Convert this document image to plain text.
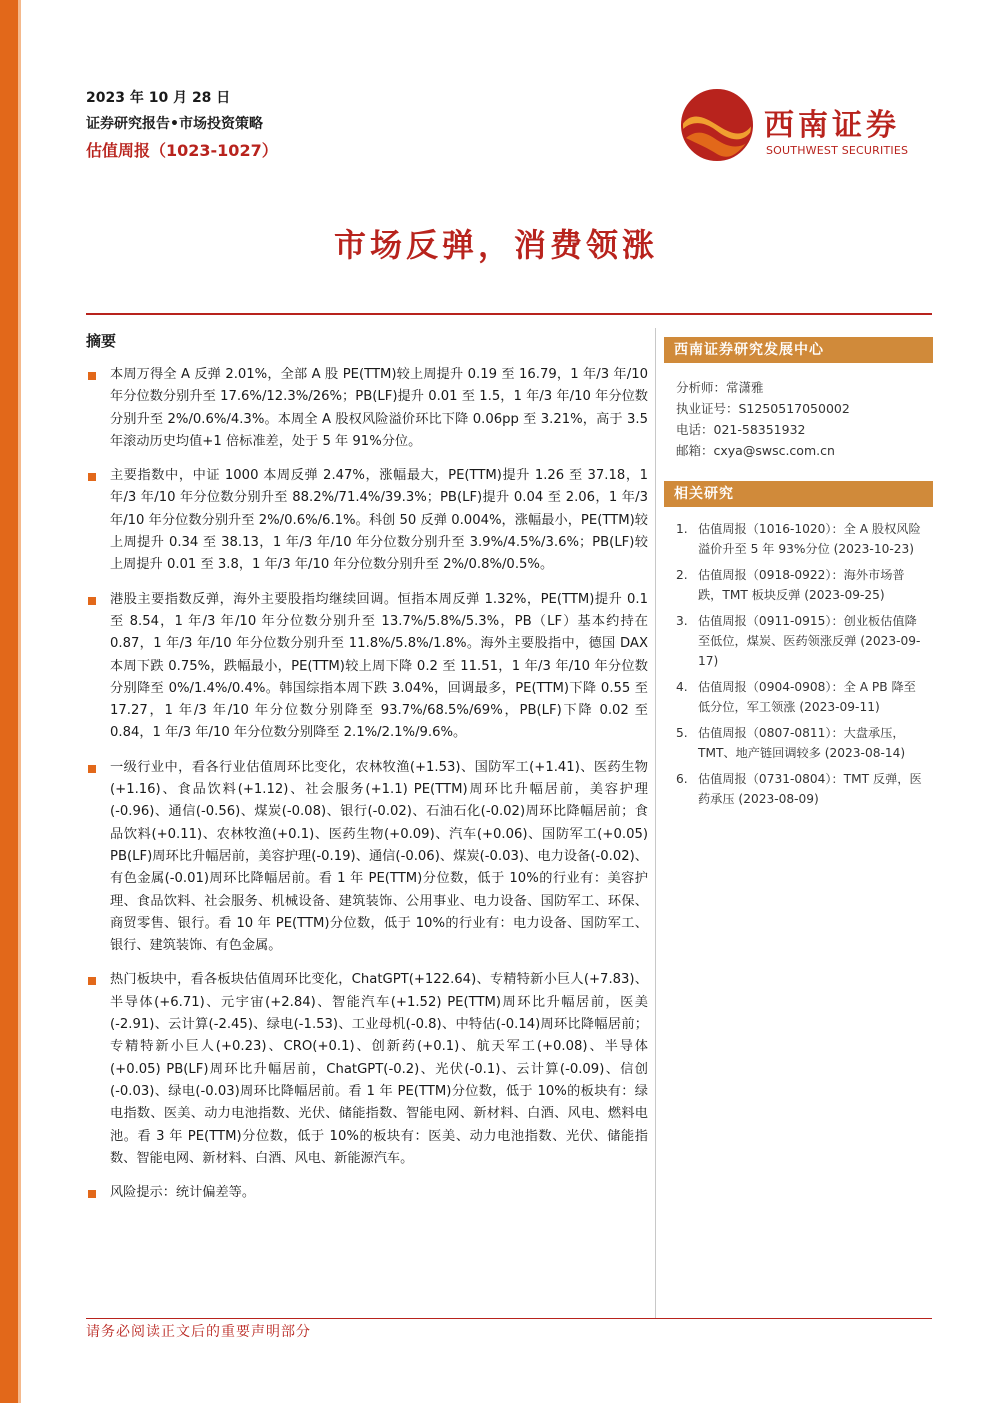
2023 年 10 月 28 日
证券研究报告•市场投资策略
估值周报（1023-1027）
西南证券
SOUTHWEST SECURITIES
市场反弹，消费领涨
摘要
本周万得全 A 反弹 2.01%，全部 A 股 PE(TTM)较上周提升 0.19 至 16.79，1 年/3 年/10 年分位数分别升至 17.6%/12.3%/26%；PB(LF)提升 0.01 至 1.5，1 年/3 年/10 年分位数分别升至 2%/0.6%/4.3%。本周全 A 股权风险溢价环比下降 0.06pp 至 3.21%，高于 3.5 年滚动历史均值+1 倍标准差，处于 5 年 91%分位。
主要指数中，中证 1000 本周反弹 2.47%，涨幅最大，PE(TTM)提升 1.26 至 37.18，1 年/3 年/10 年分位数分别升至 88.2%/71.4%/39.3%；PB(LF)提升 0.04 至 2.06，1 年/3 年/10 年分位数分别升至 2%/0.6%/6.1%。科创 50 反弹 0.004%，涨幅最小，PE(TTM)较上周提升 0.34 至 38.13，1 年/3 年/10 年分位数分别升至 3.9%/4.5%/3.6%；PB(LF)较上周提升 0.01 至 3.8，1 年/3 年/10 年分位数分别升至 2%/0.8%/0.5%。
港股主要指数反弹，海外主要股指均继续回调。恒指本周反弹 1.32%，PE(TTM)提升 0.1 至 8.54，1 年/3 年/10 年分位数分别升至 13.7%/5.8%/5.3%，PB（LF）基本约持在 0.87，1 年/3 年/10 年分位数分别升至 11.8%/5.8%/1.8%。海外主要股指中，德国 DAX 本周下跌 0.75%，跌幅最小，PE(TTM)较上周下降 0.2 至 11.51，1 年/3 年/10 年分位数分别降至 0%/1.4%/0.4%。韩国综指本周下跌 3.04%，回调最多，PE(TTM)下降 0.55 至 17.27，1 年/3 年/10 年分位数分别降至 93.7%/68.5%/69%，PB(LF)下降 0.02 至 0.84，1 年/3 年/10 年分位数分别降至 2.1%/2.1%/9.6%。
一级行业中，看各行业估值周环比变化，农林牧渔(+1.53)、国防军工(+1.41)、医药生物(+1.16)、食品饮料(+1.12)、社会服务(+1.1) PE(TTM)周环比升幅居前，美容护理(-0.96)、通信(-0.56)、煤炭(-0.08)、银行(-0.02)、石油石化(-0.02)周环比降幅居前；食品饮料(+0.11)、农林牧渔(+0.1)、医药生物(+0.09)、汽车(+0.06)、国防军工(+0.05) PB(LF)周环比升幅居前，美容护理(-0.19)、通信(-0.06)、煤炭(-0.03)、电力设备(-0.02)、有色金属(-0.01)周环比降幅居前。看 1 年 PE(TTM)分位数，低于 10%的行业有：美容护理、食品饮料、社会服务、机械设备、建筑装饰、公用事业、电力设备、国防军工、环保、商贸零售、银行。看 10 年 PE(TTM)分位数，低于 10%的行业有：电力设备、国防军工、银行、建筑装饰、有色金属。
热门板块中，看各板块估值周环比变化，ChatGPT(+122.64)、专精特新小巨人(+7.83)、半导体(+6.71)、元宇宙(+2.84)、智能汽车(+1.52) PE(TTM)周环比升幅居前，医美(-2.91)、云计算(-2.45)、绿电(-1.53)、工业母机(-0.8)、中特估(-0.14)周环比降幅居前；专精特新小巨人(+0.23)、CRO(+0.1)、创新药(+0.1)、航天军工(+0.08)、半导体(+0.05) PB(LF)周环比升幅居前，ChatGPT(-0.2)、光伏(-0.1)、云计算(-0.09)、信创(-0.03)、绿电(-0.03)周环比降幅居前。看 1 年 PE(TTM)分位数，低于 10%的板块有：绿电指数、医美、动力电池指数、光伏、储能指数、智能电网、新材料、白酒、风电、燃料电池。看 3 年 PE(TTM)分位数，低于 10%的板块有：医美、动力电池指数、光伏、储能指数、智能电网、新材料、白酒、风电、新能源汽车。
风险提示：统计偏差等。
西南证券研究发展中心
分析师：常潇雅
执业证号：S1250517050002
电话：021-58351932
邮箱：cxya@swsc.com.cn
相关研究
1. 估值周报（1016-1020）：全 A 股权风险溢价升至 5 年 93%分位 (2023-10-23)
2. 估值周报（0918-0922）：海外市场普跌，TMT 板块反弹 (2023-09-25)
3. 估值周报（0911-0915）：创业板估值降至低位，煤炭、医药领涨反弹 (2023-09-17)
4. 估值周报（0904-0908）：全 A PB 降至低分位，军工领涨 (2023-09-11)
5. 估值周报（0807-0811）：大盘承压，TMT、地产链回调较多 (2023-08-14)
6. 估值周报（0731-0804）：TMT 反弹，医药承压 (2023-08-09)
请务必阅读正文后的重要声明部分
